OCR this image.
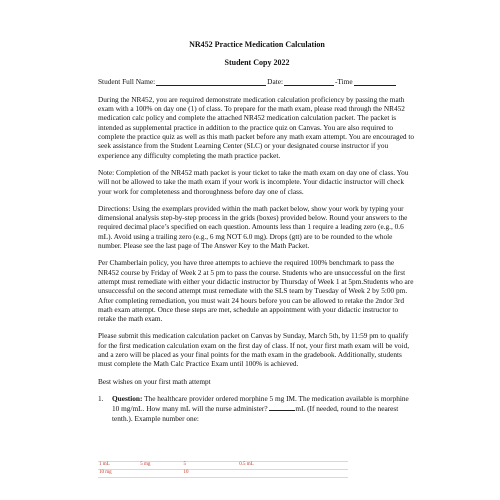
NR452 Practice Medication Calculation
Student Copy 2022
Student Full Name:	Date:	-Time

During the NR452, you are required demonstrate medication calculation proficiency by passing the math exam with a 100% on day one (1) of class. To prepare for the math exam, please read through the NR452 medication calc policy and complete the attached NR452 medication calculation packet. The packet is intended as supplemental practice in addition to the practice quiz on Canvas. You are also required to complete the practice quiz as well as this math packet before any math exam attempt. You are encouraged to seek assistance from the Student Learning Center (SLC) or your designated course instructor if you experience any difficulty completing the math practice packet.

Note: Completion of the NR452 math packet is your ticket to take the math exam on day one of class. You will not be allowed to take the math exam if your work is incomplete. Your didactic instructor will check your work for completeness and thoroughness before day one of class.

Directions: Using the exemplars provided within the math packet below, show your work by typing your dimensional analysis step-by-step process in the grids (boxes) provided below. Round your answers to the required decimal place’s specified on each question. Amounts less than 1 require a leading zero (e.g., 0.6 mL). Avoid using a trailing zero (e.g., 6 mg NOT 6.0 mg). Drops (gtt) are to be rounded to the whole number. Please see the last page of The Answer Key to the Math Packet.

Per Chamberlain policy, you have three attempts to achieve the required 100% benchmark to pass the NR452 course by Friday of Week 2 at 5 pm to pass the course. Students who are unsuccessful on the first attempt must remediate with either your didactic instructor by Thursday of Week 1 at 5pm.Students who are unsuccessful on the second attempt must remediate with the SLS team by Tuesday of Week 2 by 5:00 pm. After completing remediation, you must wait 24 hours before you can be allowed to retake the 2ndor 3rd math exam attempt. Once these steps are met, schedule an appointment with your didactic instructor to retake the math exam.

Please submit this medication calculation packet on Canvas by Sunday, March 5th, by 11:59 pm to qualify for the first medication calculation exam on the first day of class. If not, your first math exam will be void, and a zero will be placed as your final points for the math exam in the gradebook. Additionally, students must complete the Math Calc Practice Exam until 100% is achieved.

Best wishes on your first math attempt

1.	Question: The healthcare provider ordered morphine 5 mg IM. The medication available is morphine 10 mg/mL. How many mL will the nurse administer?	mL (If needed, round to the nearest tenth.). Example number one:
1 mL	5 mg	5	0.5 mL
10 mg		10	
